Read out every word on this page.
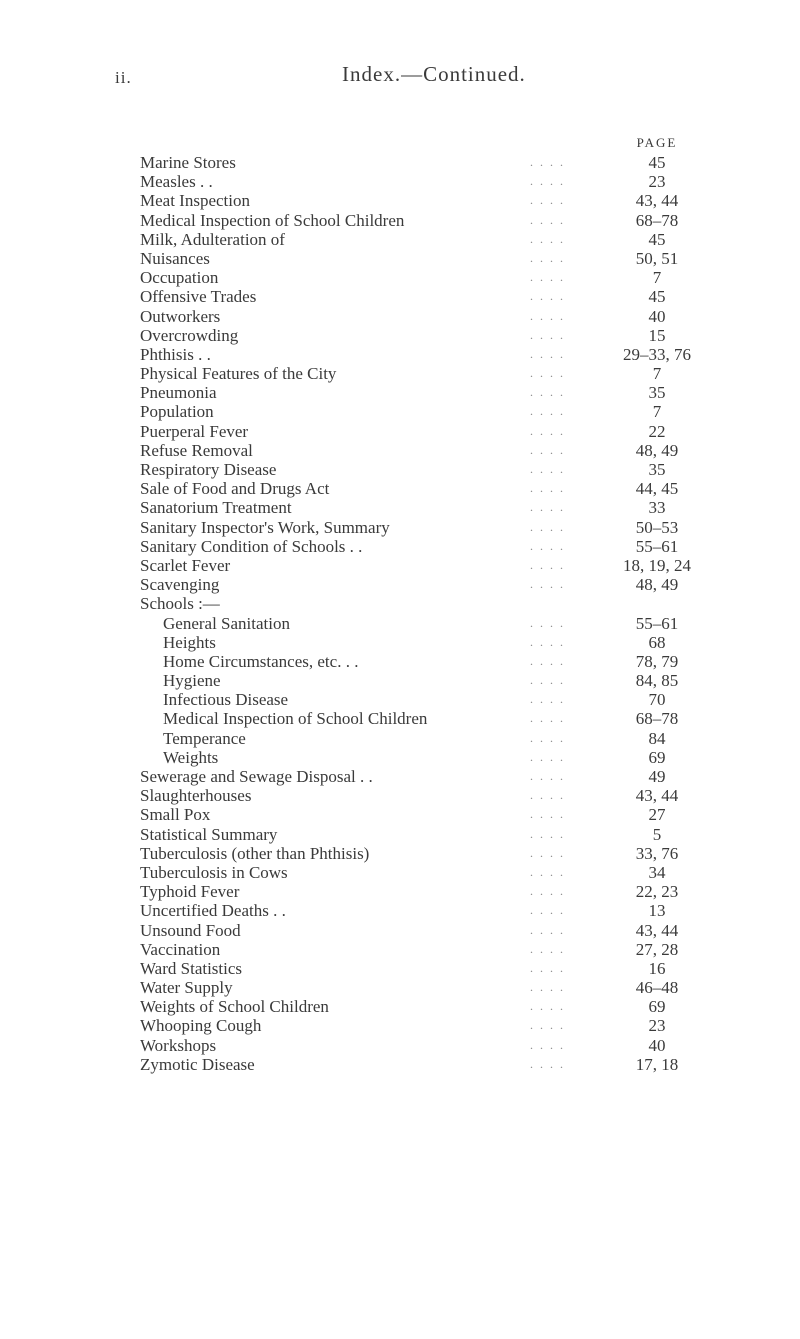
ii.	Index.—Continued.
PAGE
Marine Stores	. . . .	45
Measles . .	. . . .	23
Meat Inspection	. . . .	43, 44
Medical Inspection of School Children	. . . .	68–78
Milk, Adulteration of	. . . .	45
Nuisances	. . . .	50, 51
Occupation	. . . .	7
Offensive Trades	. . . .	45
Outworkers	. . . .	40
Overcrowding	. . . .	15
Phthisis . .	. . . .	29–33, 76
Physical Features of the City	. . . .	7
Pneumonia	. . . .	35
Population	. . . .	7
Puerperal Fever	. . . .	22
Refuse Removal	. . . .	48, 49
Respiratory Disease	. . . .	35
Sale of Food and Drugs Act	. . . .	44, 45
Sanatorium Treatment	. . . .	33
Sanitary Inspector's Work, Summary	. . . .	50–53
Sanitary Condition of Schools . .	. . . .	55–61
Scarlet Fever	. . . .	18, 19, 24
Scavenging	. . . .	48, 49
Schools :—
General Sanitation	. . . .	55–61
Heights	. . . .	68
Home Circumstances, etc. . .	. . . .	78, 79
Hygiene	. . . .	84, 85
Infectious Disease	. . . .	70
Medical Inspection of School Children	. . . .	68–78
Temperance	. . . .	84
Weights	. . . .	69
Sewerage and Sewage Disposal . .	. . . .	49
Slaughterhouses	. . . .	43, 44
Small Pox	. . . .	27
Statistical Summary	. . . .	5
Tuberculosis (other than Phthisis)	. . . .	33, 76
Tuberculosis in Cows	. . . .	34
Typhoid Fever	. . . .	22, 23
Uncertified Deaths . .	. . . .	13
Unsound Food	. . . .	43, 44
Vaccination	. . . .	27, 28
Ward Statistics	. . . .	16
Water Supply	. . . .	46–48
Weights of School Children	. . . .	69
Whooping Cough	. . . .	23
Workshops	. . . .	40
Zymotic Disease	. . . .	17, 18
